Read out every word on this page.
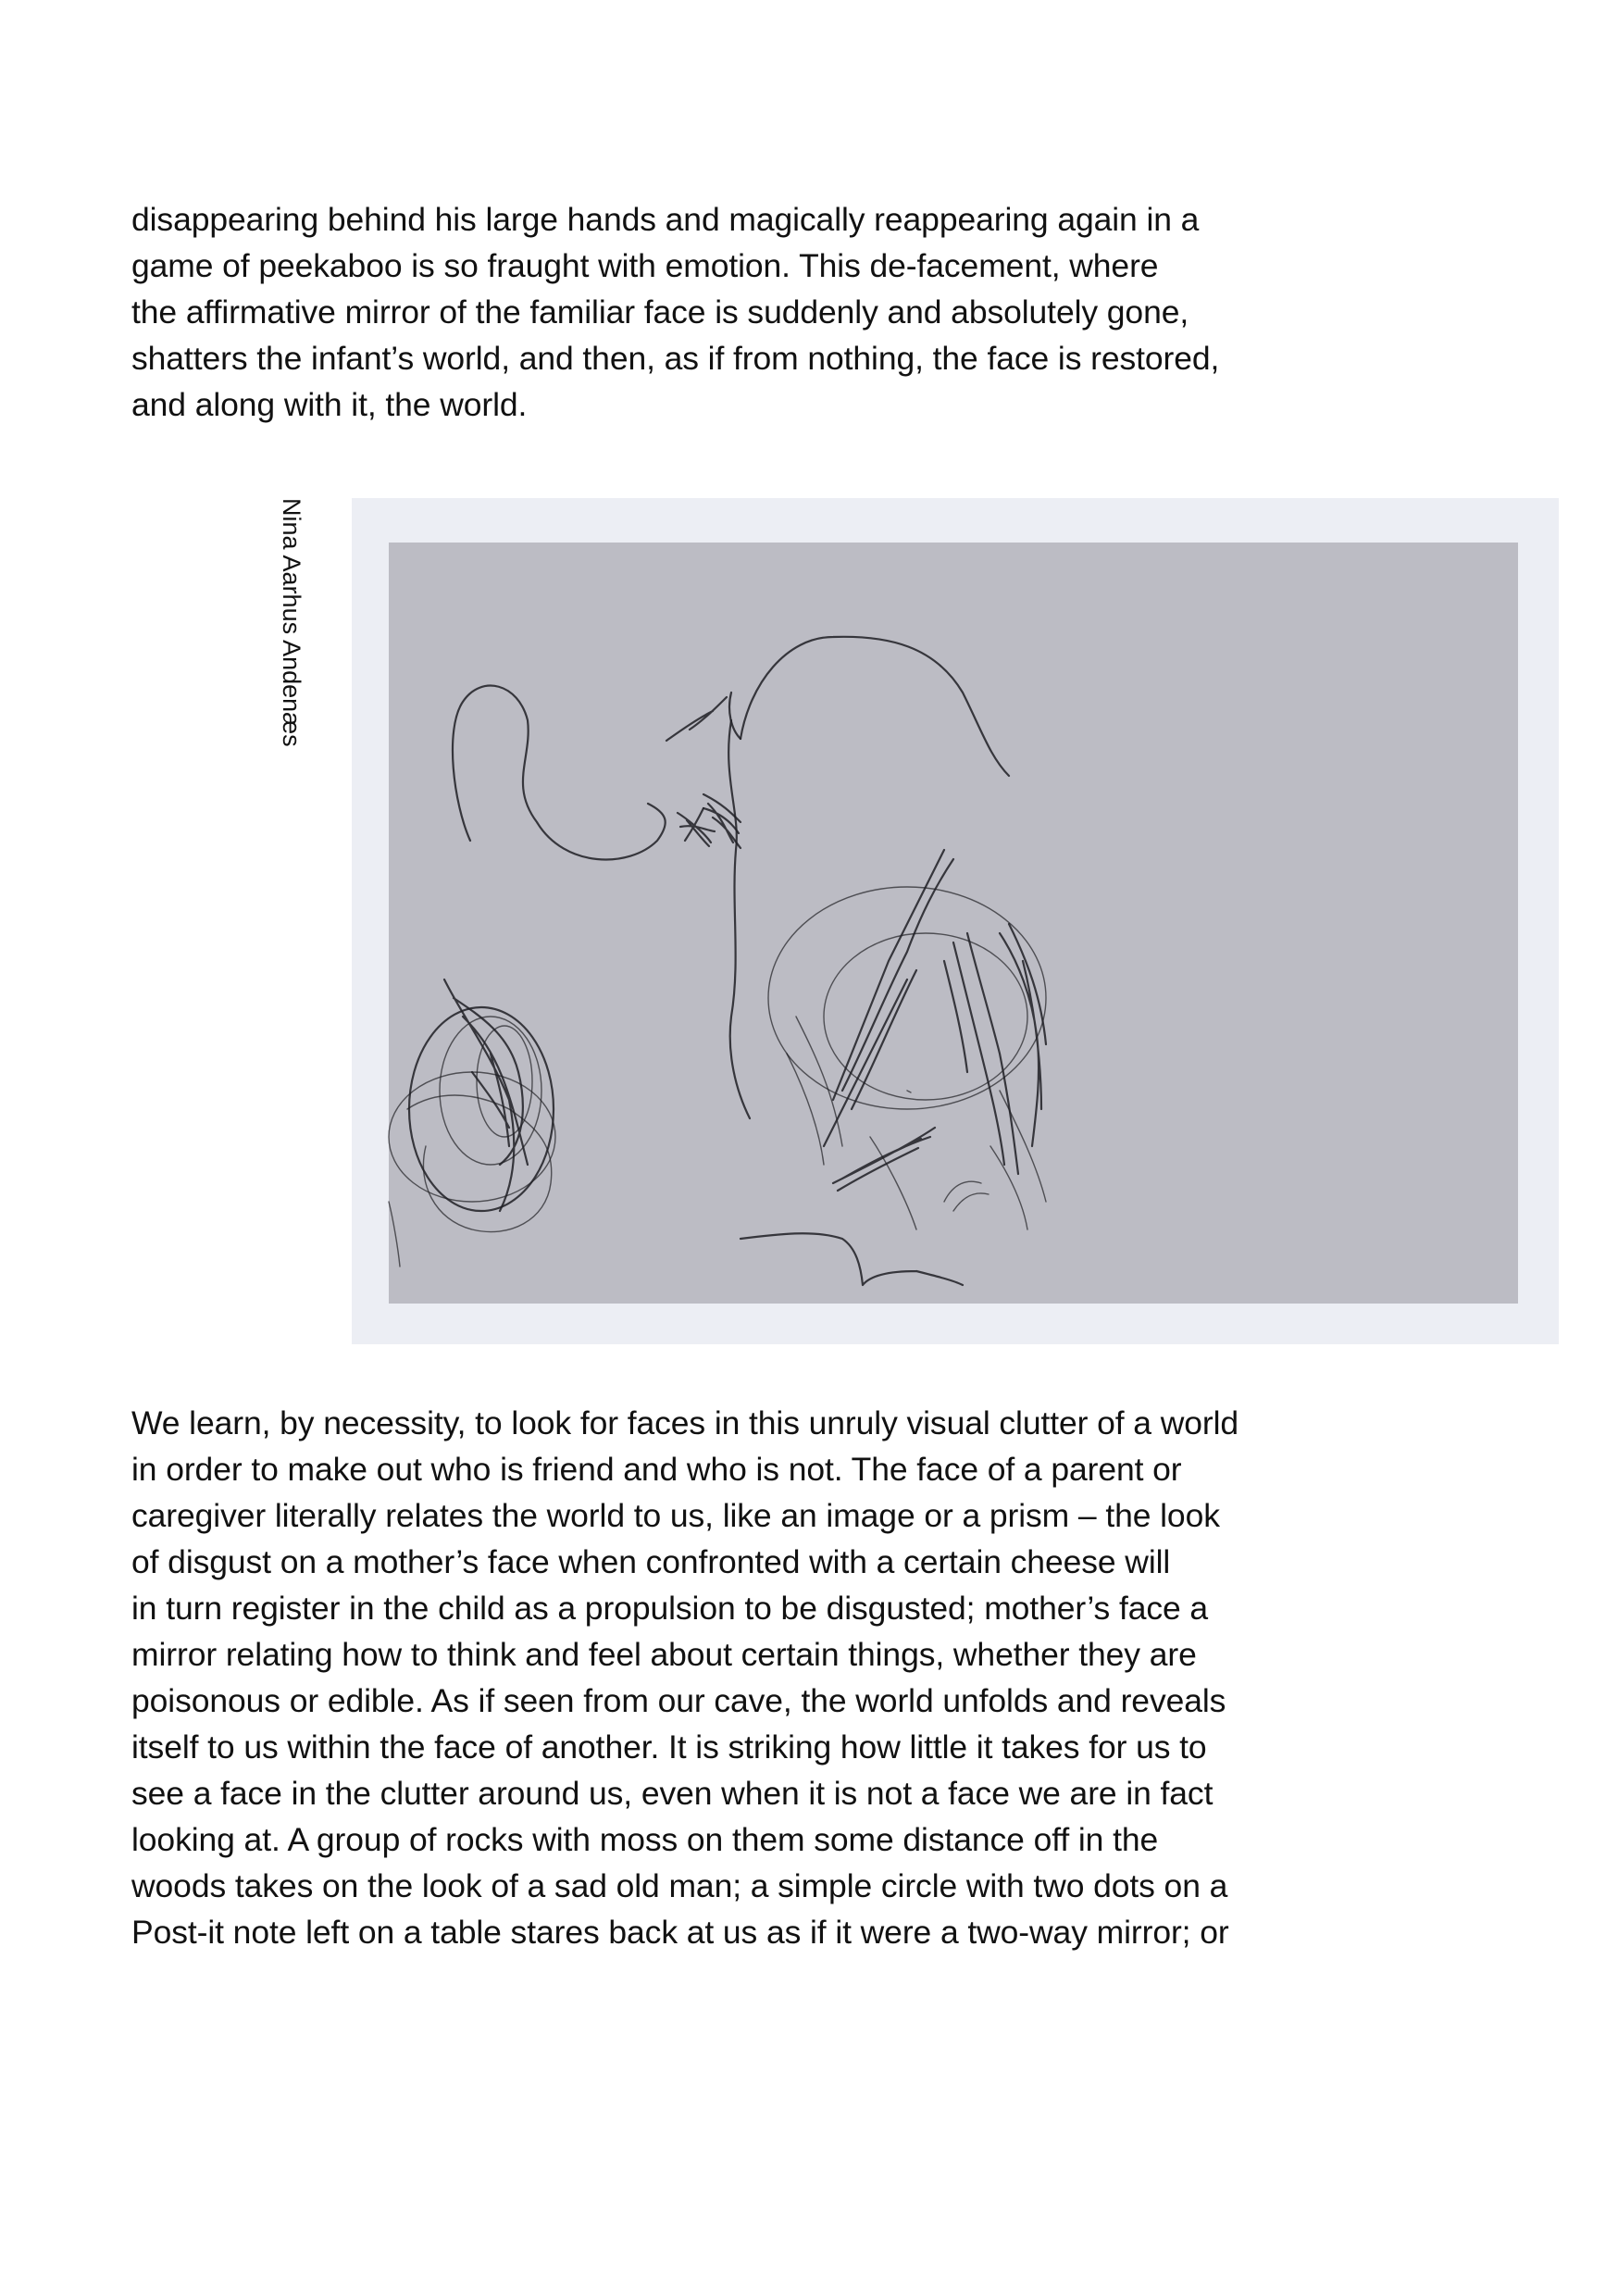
disappearing behind his large hands and magically reappearing again in a
game of peekaboo is so fraught with emotion. This de-facement, where
the affirmative mirror of the familiar face is suddenly and absolutely gone,
shatters the infant’s world, and then, as if from nothing, the face is restored,
and along with it, the world.

Nina Aarhus Andenæs

We learn, by necessity, to look for faces in this unruly visual clutter of a world
in order to make out who is friend and who is not. The face of a parent or
caregiver literally relates the world to us, like an image or a prism – the look
of disgust on a mother’s face when confronted with a certain cheese will
in turn register in the child as a propulsion to be disgusted; mother’s face a
mirror relating how to think and feel about certain things, whether they are
poisonous or edible. As if seen from our cave, the world unfolds and reveals
itself to us within the face of another. It is striking how little it takes for us to
see a face in the clutter around us, even when it is not a face we are in fact
looking at. A group of rocks with moss on them some distance off in the
woods takes on the look of a sad old man; a simple circle with two dots on a
Post-it note left on a table stares back at us as if it were a two-way mirror; or
